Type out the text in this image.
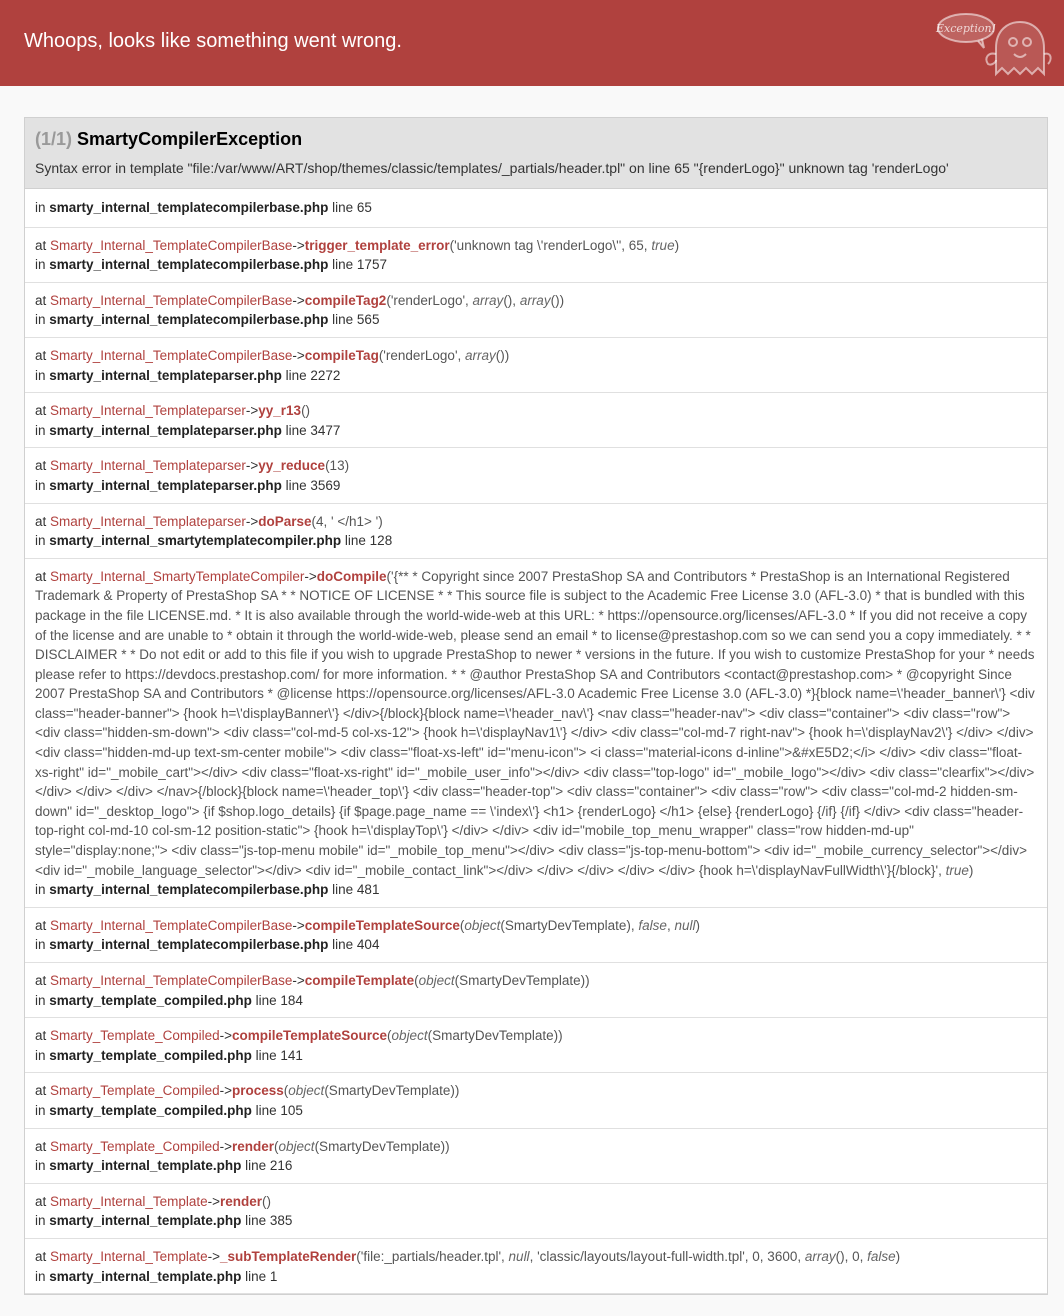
Whoops, looks like something went wrong.
Exception!
(1/1) SmartyCompilerException
Syntax error in template "file:/var/www/ART/shop/themes/classic/templates/_partials/header.tpl" on line 65 "{renderLogo}" unknown tag 'renderLogo'
in smarty_internal_templatecompilerbase.php line 65
at Smarty_Internal_TemplateCompilerBase->trigger_template_error('unknown tag \'renderLogo\'', 65, true)
in smarty_internal_templatecompilerbase.php line 1757
at Smarty_Internal_TemplateCompilerBase->compileTag2('renderLogo', array(), array())
in smarty_internal_templatecompilerbase.php line 565
at Smarty_Internal_TemplateCompilerBase->compileTag('renderLogo', array())
in smarty_internal_templateparser.php line 2272
at Smarty_Internal_Templateparser->yy_r13()
in smarty_internal_templateparser.php line 3477
at Smarty_Internal_Templateparser->yy_reduce(13)
in smarty_internal_templateparser.php line 3569
at Smarty_Internal_Templateparser->doParse(4, ' </h1> ')
in smarty_internal_smartytemplatecompiler.php line 128
at Smarty_Internal_SmartyTemplateCompiler->doCompile('{** * Copyright since 2007 PrestaShop SA and Contributors * PrestaShop is an International Registered Trademark & Property of PrestaShop SA * * NOTICE OF LICENSE * * This source file is subject to the Academic Free License 3.0 (AFL-3.0) * that is bundled with this package in the file LICENSE.md. * It is also available through the world-wide-web at this URL: * https://opensource.org/licenses/AFL-3.0 * If you did not receive a copy of the license and are unable to * obtain it through the world-wide-web, please send an email * to license@prestashop.com so we can send you a copy immediately. * * DISCLAIMER * * Do not edit or add to this file if you wish to upgrade PrestaShop to newer * versions in the future. If you wish to customize PrestaShop for your * needs please refer to https://devdocs.prestashop.com/ for more information. * * @author PrestaShop SA and Contributors <contact@prestashop.com> * @copyright Since 2007 PrestaShop SA and Contributors * @license https://opensource.org/licenses/AFL-3.0 Academic Free License 3.0 (AFL-3.0) *}{block name=\'header_banner\'} <div class="header-banner"> {hook h=\'displayBanner\'} </div>{/block}{block name=\'header_nav\'} <nav class="header-nav"> <div class="container"> <div class="row"> <div class="hidden-sm-down"> <div class="col-md-5 col-xs-12"> {hook h=\'displayNav1\'} </div> <div class="col-md-7 right-nav"> {hook h=\'displayNav2\'} </div> </div> <div class="hidden-md-up text-sm-center mobile"> <div class="float-xs-left" id="menu-icon"> <i class="material-icons d-inline">&#xE5D2;</i> </div> <div class="float-xs-right" id="_mobile_cart"></div> <div class="float-xs-right" id="_mobile_user_info"></div> <div class="top-logo" id="_mobile_logo"></div> <div class="clearfix"></div> </div> </div> </div> </nav>{/block}{block name=\'header_top\'} <div class="header-top"> <div class="container"> <div class="row"> <div class="col-md-2 hidden-sm-down" id="_desktop_logo"> {if $shop.logo_details} {if $page.page_name == \'index\'} <h1> {renderLogo} </h1> {else} {renderLogo} {/if} {/if} </div> <div class="header-top-right col-md-10 col-sm-12 position-static"> {hook h=\'displayTop\'} </div> </div> <div id="mobile_top_menu_wrapper" class="row hidden-md-up" style="display:none;"> <div class="js-top-menu mobile" id="_mobile_top_menu"></div> <div class="js-top-menu-bottom"> <div id="_mobile_currency_selector"></div> <div id="_mobile_language_selector"></div> <div id="_mobile_contact_link"></div> </div> </div> </div> </div> {hook h=\'displayNavFullWidth\'}{/block}', true)
in smarty_internal_templatecompilerbase.php line 481
at Smarty_Internal_TemplateCompilerBase->compileTemplateSource(object(SmartyDevTemplate), false, null)
in smarty_internal_templatecompilerbase.php line 404
at Smarty_Internal_TemplateCompilerBase->compileTemplate(object(SmartyDevTemplate))
in smarty_template_compiled.php line 184
at Smarty_Template_Compiled->compileTemplateSource(object(SmartyDevTemplate))
in smarty_template_compiled.php line 141
at Smarty_Template_Compiled->process(object(SmartyDevTemplate))
in smarty_template_compiled.php line 105
at Smarty_Template_Compiled->render(object(SmartyDevTemplate))
in smarty_internal_template.php line 216
at Smarty_Internal_Template->render()
in smarty_internal_template.php line 385
at Smarty_Internal_Template->_subTemplateRender('file:_partials/header.tpl', null, 'classic/layouts/layout-full-width.tpl', 0, 3600, array(), 0, false)
in smarty_internal_template.php line 1
